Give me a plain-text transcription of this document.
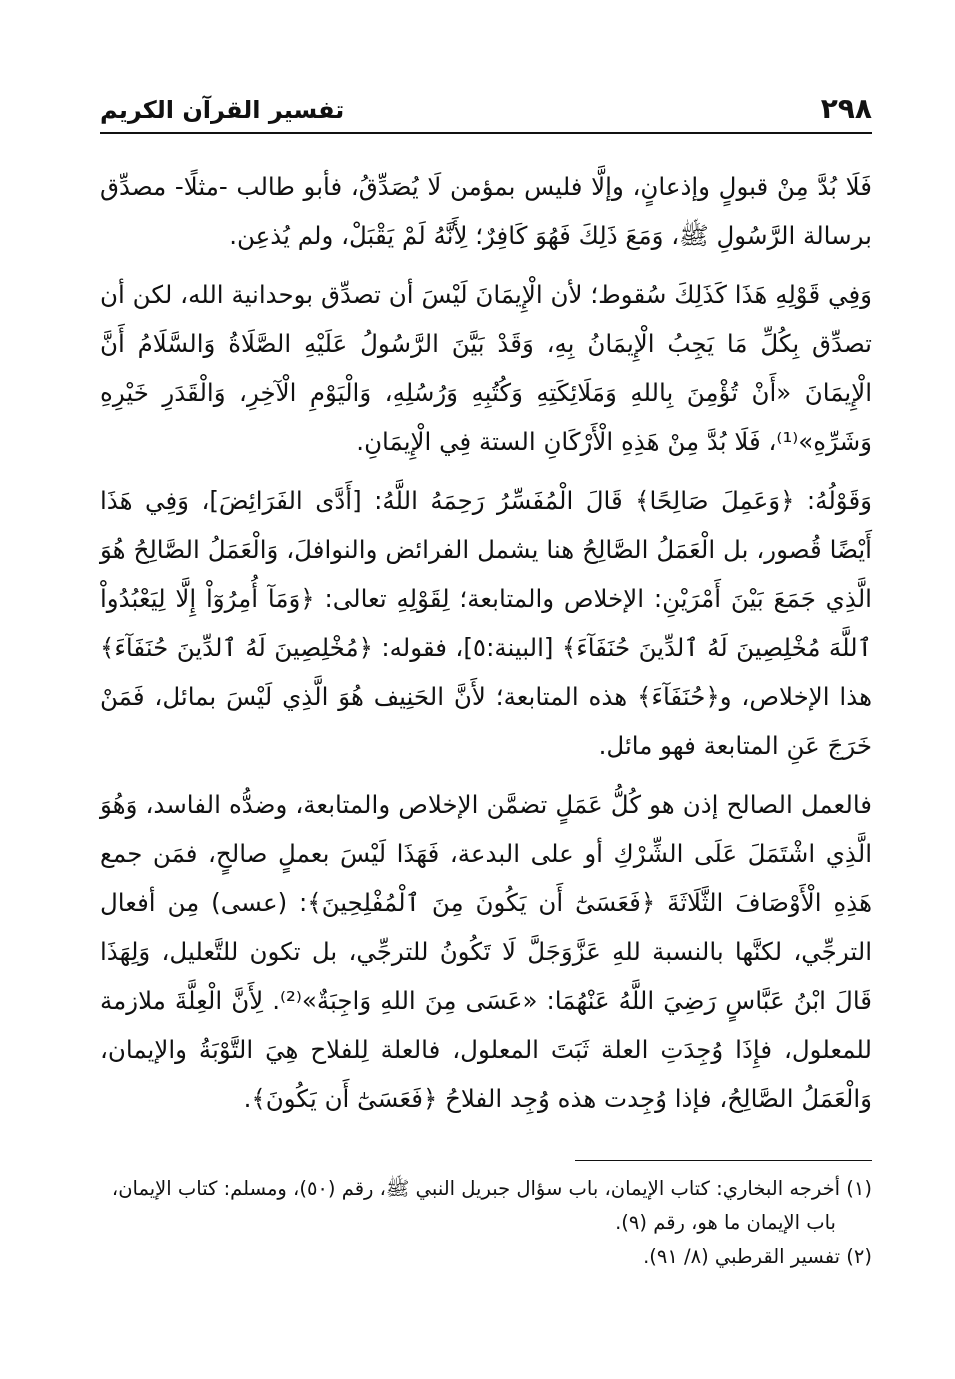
٢٩٨
تفسير القرآن الكريم

فَلَا بُدَّ مِنْ قبولٍ وإذعانٍ، وإلَّا فليس بمؤمن لَا يُصَدِّقُ، فأبو طالب -مثلًا- مصدِّق برسالة الرَّسُولِ ﷺ، وَمَعَ ذَلِكَ فَهُوَ كَافِرٌ؛ لِأَنَّهُ لَمْ يَقْبَلْ، ولم يُذعِن.

وَفِي قَوْلِهِ هَذَا كَذَلِكَ سُقوط؛ لأن الْإِيمَانَ لَيْسَ أن تصدِّق بوحدانية الله، لكن أن تصدِّق بِكُلِّ مَا يَجِبُ الْإِيمَانُ بِهِ، وَقَدْ بَيَّنَ الرَّسُولُ عَلَيْهِ الصَّلَاةُ وَالسَّلَامُ أَنَّ الْإِيمَانَ «أَنْ تُؤْمِنَ بِاللهِ وَمَلَائِكَتِهِ وَكُتُبِهِ وَرُسُلِهِ، وَالْيَوْمِ الْآخِرِ، وَالْقَدَرِ خَيْرِهِ وَشَرِّهِ»⁽¹⁾، فَلَا بُدَّ مِنْ هَذِهِ الْأَرْكَانِ الستة فِي الْإِيمَانِ.

وَقَوْلُهُ: ﴿وَعَمِلَ صَالِحًا﴾ قَالَ الْمُفَسِّرُ رَحِمَهُ اللَّهُ: [أَدَّى الفَرَائِضَ]، وَفِي هَذَا أَيْضًا قُصور، بل الْعَمَلُ الصَّالِحُ هنا يشمل الفرائض والنوافلَ، وَالْعَمَلُ الصَّالِحُ هُوَ الَّذِي جَمَعَ بَيْنَ أَمْرَيْنِ: الإخلاص والمتابعة؛ لِقَوْلِهِ تعالى: ﴿وَمَآ أُمِرُوٓاْ إِلَّا لِيَعْبُدُواْ ٱللَّهَ مُخْلِصِينَ لَهُ ٱلدِّينَ حُنَفَآءَ﴾ [البينة:٥]، فقوله: ﴿مُخْلِصِينَ لَهُ ٱلدِّينَ حُنَفَآءَ﴾ هذا الإخلاص، و﴿حُنَفَآءَ﴾ هذه المتابعة؛ لأَنَّ الحَنِيف هُوَ الَّذِي لَيْسَ بمائل، فَمَنْ خَرَجَ عَنِ المتابعة فهو مائل.

فالعمل الصالح إذن هو كُلُّ عَمَلٍ تضمَّن الإخلاص والمتابعة، وضدُّه الفاسد، وَهُوَ الَّذِي اشْتَمَلَ عَلَى الشِّرْكِ أو على البدعة، فَهَذَا لَيْسَ بعملٍ صالحٍ، فمَن جمع هَذِهِ الْأَوْصَافَ الثَّلَاثَةَ ﴿فَعَسَىٰٓ أَن يَكُونَ مِنَ ٱلْمُفْلِحِينَ﴾: (عسى) مِن أفعال الترجِّي، لكنَّها بالنسبة للهِ عَزَّوَجَلَّ لَا تَكُونُ للترجِّي، بل تكون للتَّعليل، وَلِهَذَا قَالَ ابْنُ عَبَّاسٍ رَضِيَ اللَّهُ عَنْهُمَا: «عَسَى مِنَ اللهِ وَاجِبَةٌ»⁽²⁾. لِأَنَّ الْعِلَّةَ ملازمة للمعلول، فإِذَا وُجِدَتِ العلة ثَبَتَ المعلول، فالعلة لِلفلاح هِيَ التَّوْبَةُ والإيمان، وَالْعَمَلُ الصَّالِحُ، فإذا وُجِدت هذه وُجِد الفلاحُ ﴿فَعَسَىٰٓ أَن يَكُونَ﴾.

(١) أخرجه البخاري: كتاب الإيمان، باب سؤال جبريل النبي ﷺ، رقم (٥٠)، ومسلم: كتاب الإيمان،

باب الإيمان ما هو، رقم (٩).

(٢) تفسير القرطبي (٨/ ٩١).
